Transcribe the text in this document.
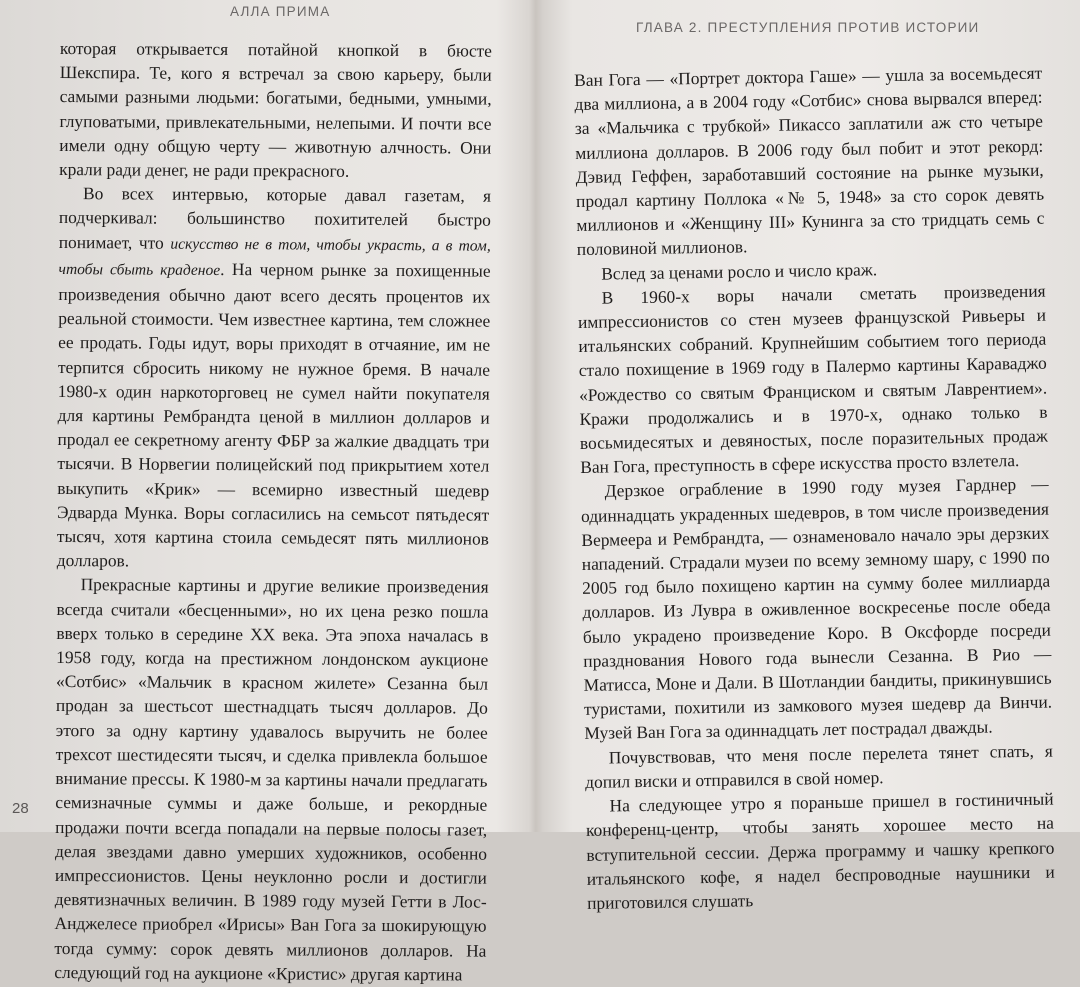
АЛЛА ПРИМА

которая открывается потайной кнопкой в бюсте Шекспира. Те, кого я встречал за свою карьеру, были самыми разными людьми: богатыми, бедными, умными, глуповатыми, привлекательными, нелепыми. И почти все имели одну общую черту — животную алчность. Они крали ради денег, не ради прекрасного.

Во всех интервью, которые давал газетам, я подчеркивал: большинство похитителей быстро понимает, что искусство не в том, чтобы украсть, а в том, чтобы сбыть краденое. На черном рынке за похищенные произведения обычно дают всего десять процентов их реальной стоимости. Чем известнее картина, тем сложнее ее продать. Годы идут, воры приходят в отчаяние, им не терпится сбросить никому не нужное бремя. В начале 1980-х один наркоторговец не сумел найти покупателя для картины Рембрандта ценой в миллион долларов и продал ее секретному агенту ФБР за жалкие двадцать три тысячи. В Норвегии полицейский под прикрытием хотел выкупить «Крик» — всемирно известный шедевр Эдварда Мунка. Воры согласились на семьсот пятьдесят тысяч, хотя картина стоила семьдесят пять миллионов долларов.

Прекрасные картины и другие великие произведения всегда считали «бесценными», но их цена резко пошла вверх только в середине XX века. Эта эпоха началась в 1958 году, когда на престижном лондонском аукционе «Сотбис» «Мальчик в красном жилете» Сезанна был продан за шестьсот шестнадцать тысяч долларов. До этого за одну картину удавалось выручить не более трехсот шестидесяти тысяч, и сделка привлекла большое внимание прессы. К 1980-м за картины начали предлагать семизначные суммы и даже больше, и рекордные продажи почти всегда попадали на первые полосы газет, делая звездами давно умерших художников, особенно импрессионистов. Цены неуклонно росли и достигли девятизначных величин. В 1989 году музей Гетти в Лос-Анджелесе приобрел «Ирисы» Ван Гога за шокирующую тогда сумму: сорок девять миллионов долларов. На следующий год на аукционе «Кристис» другая картина

28
ГЛАВА 2. ПРЕСТУПЛЕНИЯ ПРОТИВ ИСТОРИИ

Ван Гога — «Портрет доктора Гаше» — ушла за восемьдесят два миллиона, а в 2004 году «Сотбис» снова вырвался вперед: за «Мальчика с трубкой» Пикассо заплатили аж сто четыре миллиона долларов. В 2006 году был побит и этот рекорд: Дэвид Геффен, заработавший состояние на рынке музыки, продал картину Поллока «№ 5, 1948» за сто сорок девять миллионов и «Женщину III» Кунинга за сто тридцать семь с половиной миллионов.

Вслед за ценами росло и число краж.

В 1960-х воры начали сметать произведения импрессионистов со стен музеев французской Ривьеры и итальянских собраний. Крупнейшим событием того периода стало похищение в 1969 году в Палермо картины Караваджо «Рождество со святым Франциском и святым Лаврентием». Кражи продолжались и в 1970-х, однако только в восьмидесятых и девяностых, после поразительных продаж Ван Гога, преступность в сфере искусства просто взлетела.

Дерзкое ограбление в 1990 году музея Гарднер — одиннадцать украденных шедевров, в том числе произведения Вермеера и Рембрандта, — ознаменовало начало эры дерзких нападений. Страдали музеи по всему земному шару, с 1990 по 2005 год было похищено картин на сумму более миллиарда долларов. Из Лувра в оживленное воскресенье после обеда было украдено произведение Коро. В Оксфорде посреди празднования Нового года вынесли Сезанна. В Рио — Матисса, Моне и Дали. В Шотландии бандиты, прикинувшись туристами, похитили из замкового музея шедевр да Винчи. Музей Ван Гога за одиннадцать лет пострадал дважды.

Почувствовав, что меня после перелета тянет спать, я допил виски и отправился в свой номер.

На следующее утро я пораньше пришел в гостиничный конференц-центр, чтобы занять хорошее место на вступительной сессии. Держа программу и чашку крепкого итальянского кофе, я надел беспроводные наушники и приготовился слушать
